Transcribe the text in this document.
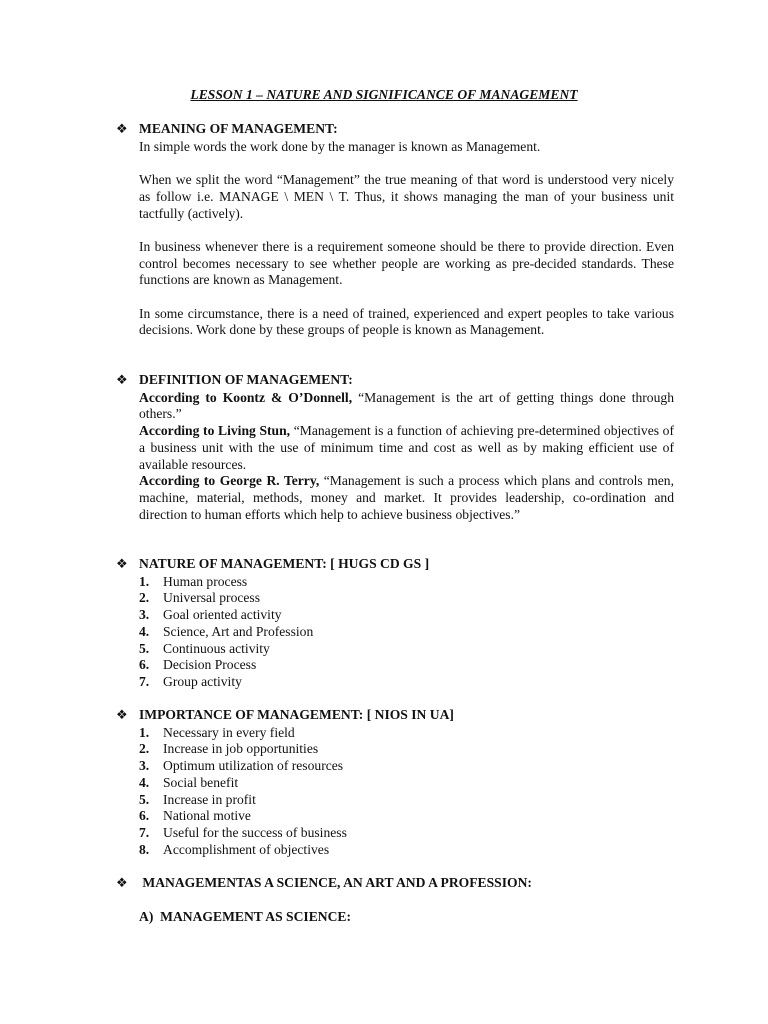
LESSON 1 – NATURE AND SIGNIFICANCE OF MANAGEMENT
❖ MEANING OF MANAGEMENT:

In simple words the work done by the manager is known as Management.

When we split the word “Management” the true meaning of that word is understood very nicely as follow i.e. MANAGE \ MEN \ T. Thus, it shows managing the man of your business unit tactfully (actively).

In business whenever there is a requirement someone should be there to provide direction. Even control becomes necessary to see whether people are working as pre-decided standards. These functions are known as Management.

In some circumstance, there is a need of trained, experienced and expert peoples to take various decisions. Work done by these groups of people is known as Management.

❖ DEFINITION OF MANAGEMENT:

According to Koontz & O’Donnell, “Management is the art of getting things done through others.”

According to Living Stun, “Management is a function of achieving pre-determined objectives of a business unit with the use of minimum time and cost as well as by making efficient use of available resources.

According to George R. Terry, “Management is such a process which plans and controls men, machine, material, methods, money and market. It provides leadership, co-ordination and direction to human efforts which help to achieve business objectives.”

❖ NATURE OF MANAGEMENT: [ HUGS CD GS ]
1.	Human process
2.	Universal process
3.	Goal oriented activity
4.	Science, Art and Profession
5.	Continuous activity
6.	Decision Process
7.	Group activity
❖ IMPORTANCE OF MANAGEMENT: [ NIOS IN UA]
1.	Necessary in every field
2.	Increase in job opportunities
3.	Optimum utilization of resources
4.	Social benefit
5.	Increase in profit
6.	National motive
7.	Useful for the success of business
8.	Accomplishment of objectives
❖ MANAGEMENTAS A SCIENCE, AN ART AND A PROFESSION:
A)  MANAGEMENT AS SCIENCE:
